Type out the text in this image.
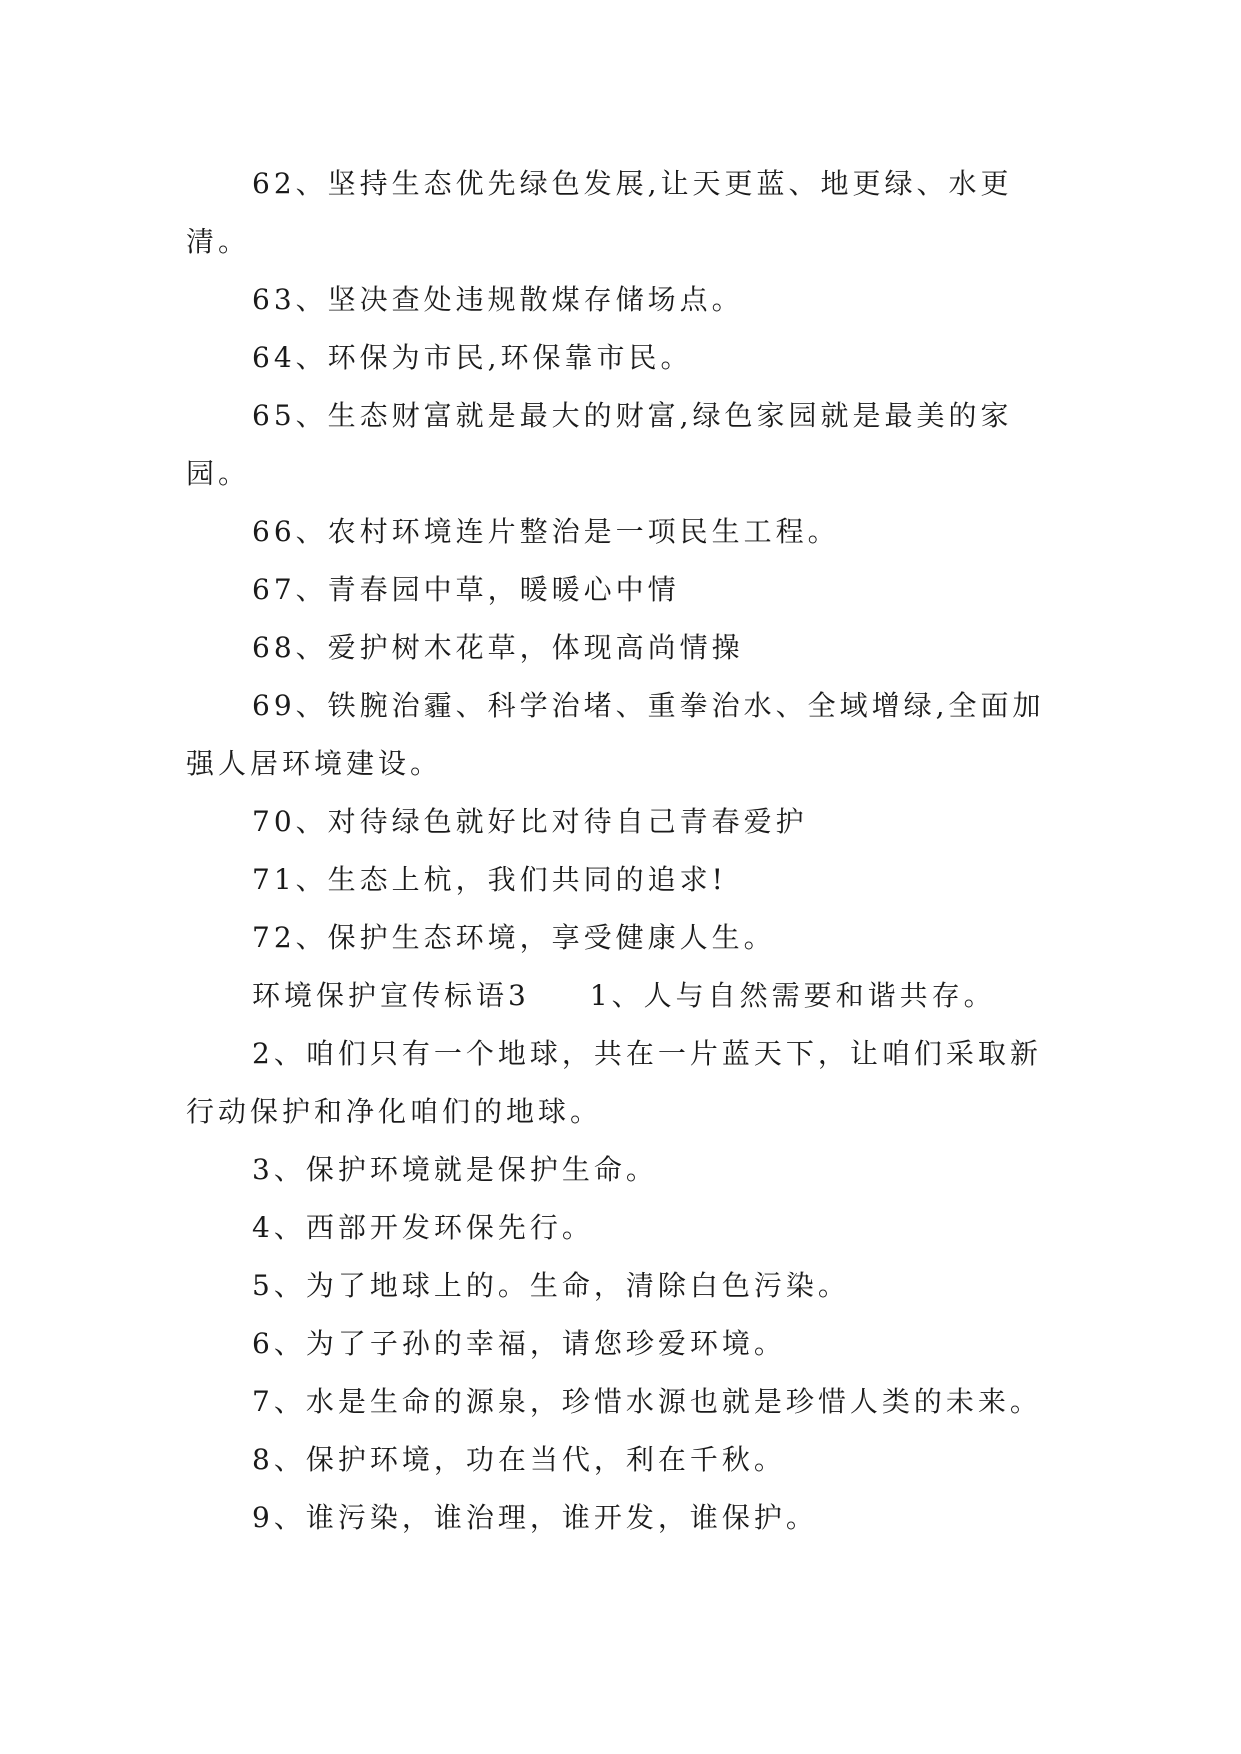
62、坚持生态优先绿色发展,让天更蓝、地更绿、水更清。

63、坚决查处违规散煤存储场点。

64、环保为市民,环保靠市民。

65、生态财富就是最大的财富,绿色家园就是最美的家园。

66、农村环境连片整治是一项民生工程。

67、青春园中草，暖暖心中情

68、爱护树木花草，体现高尚情操

69、铁腕治霾、科学治堵、重拳治水、全域增绿,全面加强人居环境建设。

70、对待绿色就好比对待自己青春爱护

71、生态上杭，我们共同的追求!

72、保护生态环境，享受健康人生。

环境保护宣传标语3 1、人与自然需要和谐共存。

2、咱们只有一个地球，共在一片蓝天下，让咱们采取新行动保护和净化咱们的地球。

3、保护环境就是保护生命。

4、西部开发环保先行。

5、为了地球上的。生命，清除白色污染。

6、为了子孙的幸福，请您珍爱环境。

7、水是生命的源泉，珍惜水源也就是珍惜人类的未来。

8、保护环境，功在当代，利在千秋。

9、谁污染，谁治理，谁开发，谁保护。
